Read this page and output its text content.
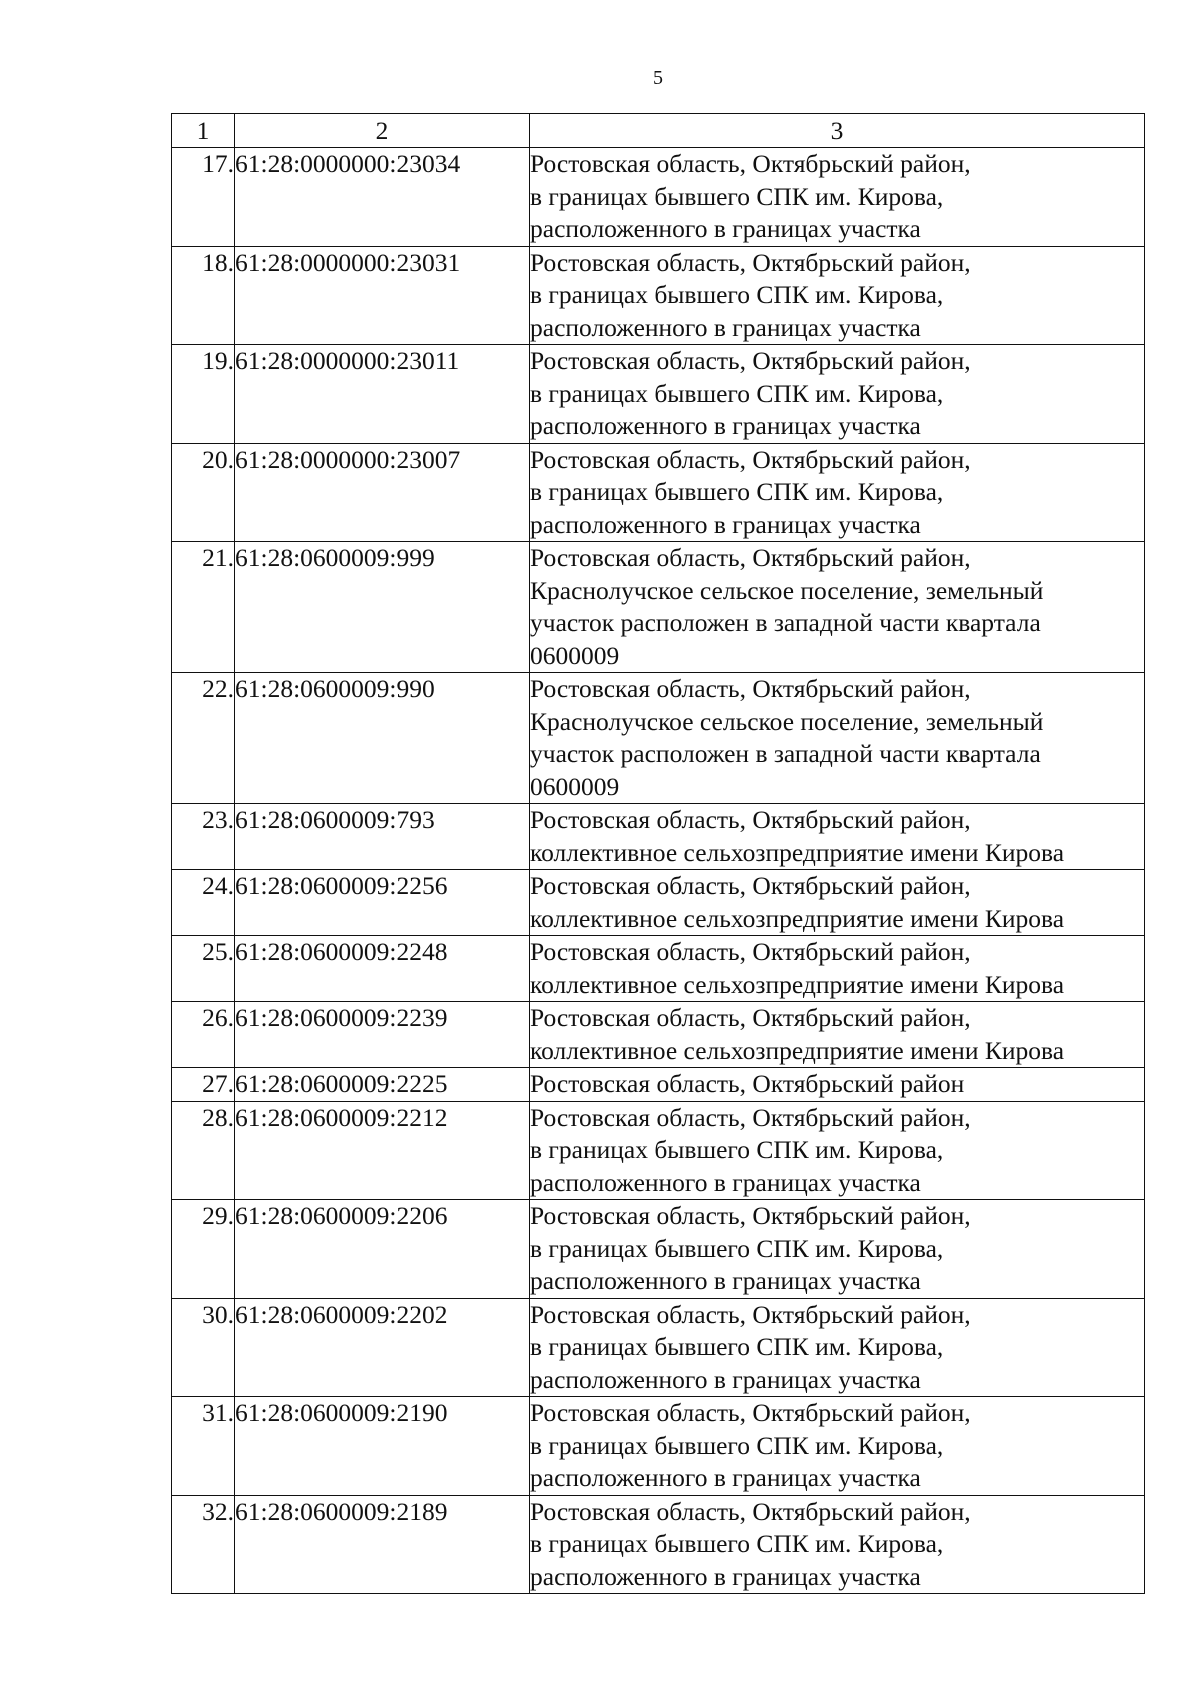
5
1	2	3
17.	61:28:0000000:23034	Ростовская область, Октябрьский район,
в границах бывшего СПК им. Кирова,
расположенного в границах участка

18.	61:28:0000000:23031	Ростовская область, Октябрьский район,
в границах бывшего СПК им. Кирова,
расположенного в границах участка

19.	61:28:0000000:23011	Ростовская область, Октябрьский район,
в границах бывшего СПК им. Кирова,
расположенного в границах участка

20.	61:28:0000000:23007	Ростовская область, Октябрьский район,
в границах бывшего СПК им. Кирова,
расположенного в границах участка

21.	61:28:0600009:999	Ростовская область, Октябрьский район,
Краснолучское сельское поселение, земельный
участок расположен в западной части квартала
0600009

22.	61:28:0600009:990	Ростовская область, Октябрьский район,
Краснолучское сельское поселение, земельный
участок расположен в западной части квартала
0600009

23.	61:28:0600009:793	Ростовская область, Октябрьский район,
коллективное сельхозпредприятие имени Кирова

24.	61:28:0600009:2256	Ростовская область, Октябрьский район,
коллективное сельхозпредприятие имени Кирова

25.	61:28:0600009:2248	Ростовская область, Октябрьский район,
коллективное сельхозпредприятие имени Кирова

26.	61:28:0600009:2239	Ростовская область, Октябрьский район,
коллективное сельхозпредприятие имени Кирова

27.	61:28:0600009:2225	Ростовская область, Октябрьский район

28.	61:28:0600009:2212	Ростовская область, Октябрьский район,
в границах бывшего СПК им. Кирова,
расположенного в границах участка

29.	61:28:0600009:2206	Ростовская область, Октябрьский район,
в границах бывшего СПК им. Кирова,
расположенного в границах участка

30.	61:28:0600009:2202	Ростовская область, Октябрьский район,
в границах бывшего СПК им. Кирова,
расположенного в границах участка

31.	61:28:0600009:2190	Ростовская область, Октябрьский район,
в границах бывшего СПК им. Кирова,
расположенного в границах участка

32.	61:28:0600009:2189	Ростовская область, Октябрьский район,
в границах бывшего СПК им. Кирова,
расположенного в границах участка
